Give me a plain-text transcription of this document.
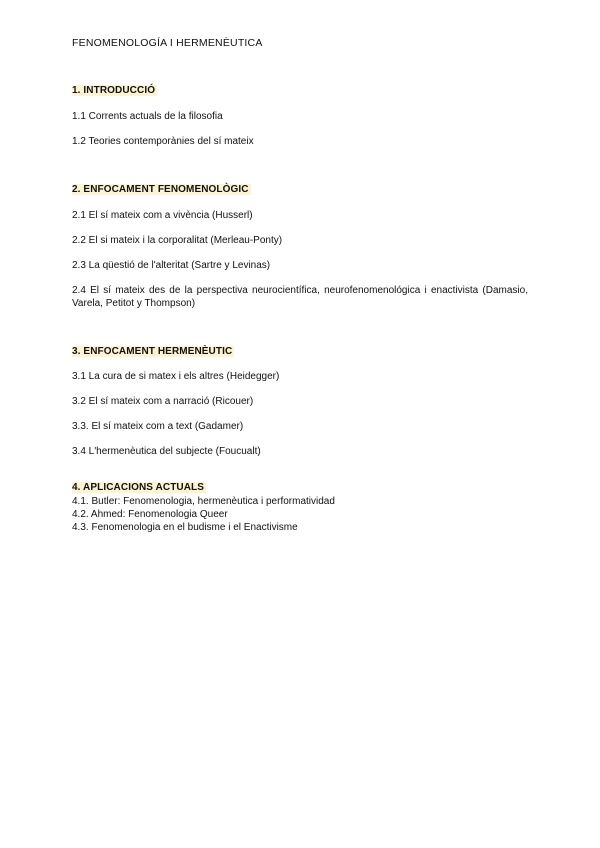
FENOMENOLOGÍA I HERMENÈUTICA
1. INTRODUCCIÓ
1.1 Corrents actuals de la filosofia
1.2 Teories contemporànies del sí mateix
2. ENFOCAMENT FENOMENOLÒGIC
2.1 El sí mateix com a vivència (Husserl)
2.2 El si mateix i la corporalitat (Merleau-Ponty)
2.3 La qüestió de l'alteritat (Sartre y Levinas)
2.4 El sí mateix des de la perspectiva neurocientífica, neurofenomenológica i enactivista (Damasio, Varela, Petitot y Thompson)
3. ENFOCAMENT HERMENÈUTIC
3.1 La cura de si matex i els altres (Heidegger)
3.2 El sí mateix com a narració (Ricouer)
3.3. El sí mateix com a text (Gadamer)
3.4 L'hermenèutica del subjecte (Foucualt)
4. APLICACIONS ACTUALS
4.1. Butler: Fenomenologia, hermenèutica i performatividad
4.2. Ahmed: Fenomenologia Queer
4.3. Fenomenologia en el budisme i el Enactivisme
